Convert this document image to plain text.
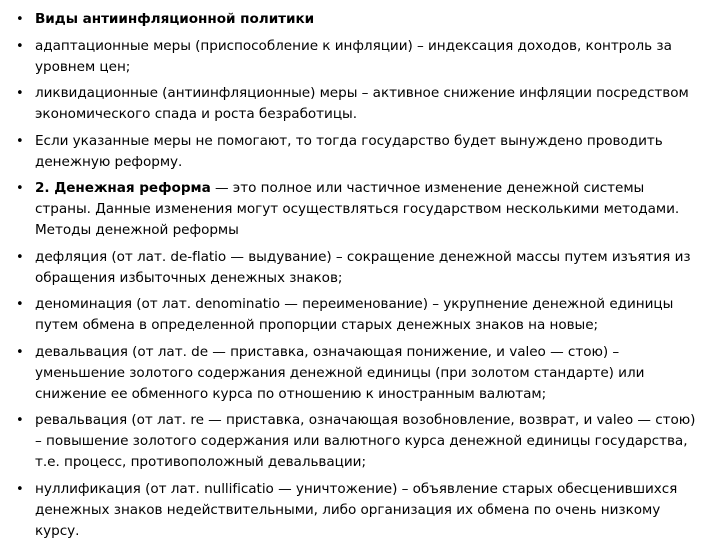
• Виды антиинфляционной политики
• адаптационные меры (приспособление к инфляции) – индексация доходов, контроль за уровнем цен;
• ликвидационные (антиинфляционные) меры – активное снижение инфляции посредством экономического спада и роста безработицы.
• Если указанные меры не помогают, то тогда государство будет вынуждено проводить денежную реформу.
• 2. Денежная реформа — это полное или частичное изменение денежной системы страны. Данные изменения могут осуществляться государством несколькими методами. Методы денежной реформы
• дефляция (от лат. de-flatio — выдувание) – сокращение денежной массы путем изъятия из обращения избыточных денежных знаков;
• деноминация (от лат. denominatio — переименование) – укрупнение денежной единицы путем обмена в определенной пропорции старых денежных знаков на новые;
• девальвация (от лат. de — приставка, означающая понижение, и valeo — стою) – уменьшение золотого содержания денежной единицы (при золотом стандарте) или снижение ее обменного курса по отношению к иностранным валютам;
• ревальвация (от лат. re — приставка, означающая возобновление, возврат, и valeo — стою) – повышение золотого содержания или валютного курса денежной единицы государства, т.е. процесс, противоположный девальвации;
• нуллификация (от лат. nullificatio — уничтожение) – объявление старых обесценившихся денежных знаков недействительными, либо организация их обмена по очень низкому курсу.
